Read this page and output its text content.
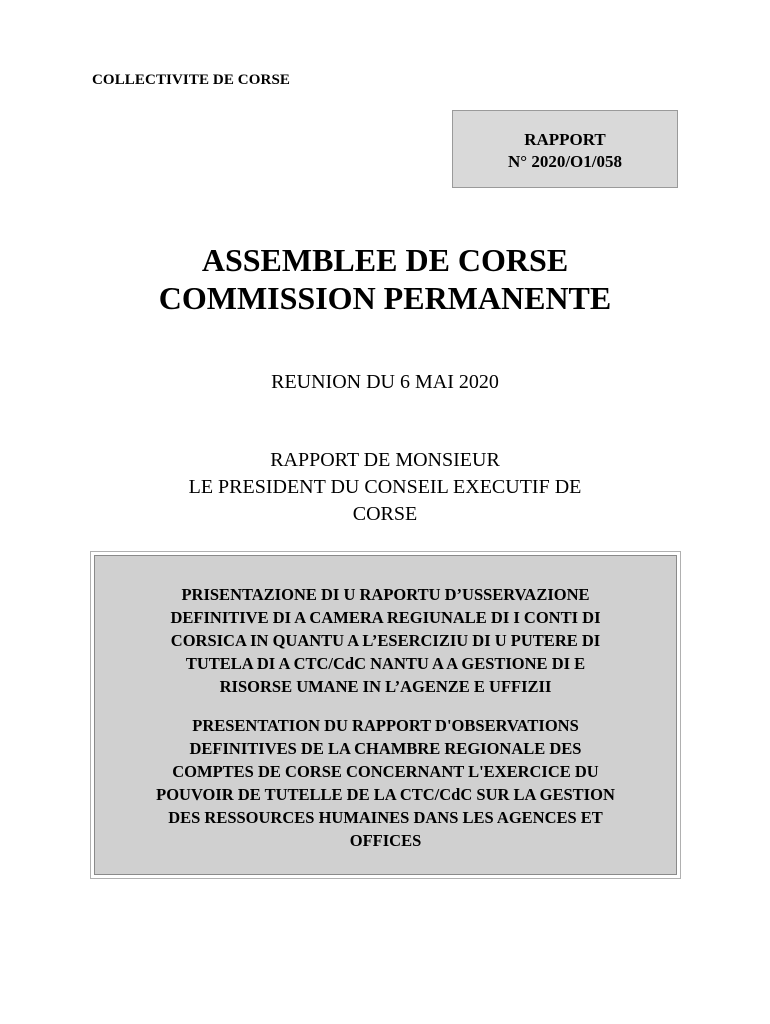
COLLECTIVITE DE CORSE
RAPPORT
N° 2020/O1/058
ASSEMBLEE DE CORSE
COMMISSION PERMANENTE
REUNION DU 6 MAI 2020
RAPPORT DE MONSIEUR
LE PRESIDENT DU CONSEIL EXECUTIF DE
CORSE
PRISENTAZIONE DI U RAPORTU D’USSERVAZIONE
DEFINITIVE DI A CAMERA REGIUNALE DI I CONTI DI
CORSICA IN QUANTU A L’ESERCIZIU DI U PUTERE DI
TUTELA DI A CTC/CdC NANTU A A GESTIONE DI E
RISORSE UMANE IN L’AGENZE E UFFIZII
PRESENTATION DU RAPPORT D'OBSERVATIONS
DEFINITIVES DE LA CHAMBRE REGIONALE DES
COMPTES DE CORSE CONCERNANT L'EXERCICE DU
POUVOIR DE TUTELLE DE LA CTC/CdC SUR LA GESTION
DES RESSOURCES HUMAINES DANS LES AGENCES ET
OFFICES
